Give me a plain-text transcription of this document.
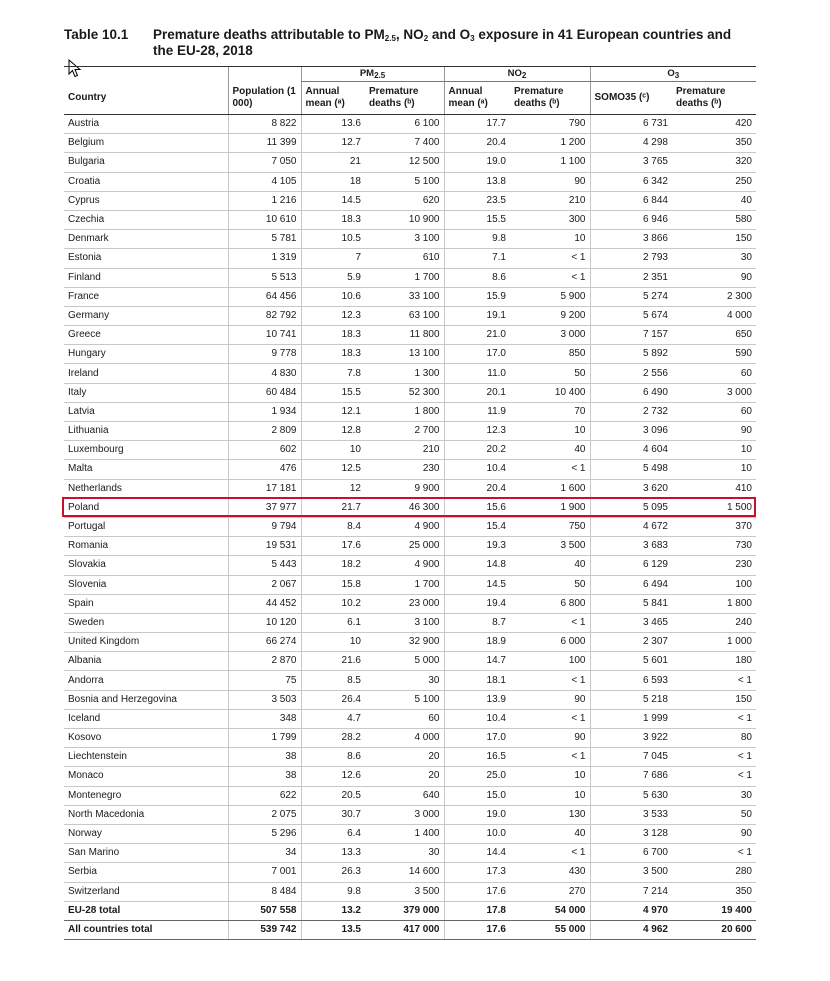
Table 10.1 Premature deaths attributable to $PM_{2.5}$, $NO_2$ and $O_3$ exposure in 41 European countries and the EU-28, 2018

		$PM_{2.5}$		$NO_2$		$O_3$
Country	Population (1 000)	Annual mean (ᵃ)	Premature deaths (ᵇ)	Annual mean (ᵃ)	Premature deaths (ᵇ)	SOMO35 (ᶜ)	Premature deaths (ᵇ)
Austria	8 822	13.6	6 100	17.7	790	6 731	420
Belgium	11 399	12.7	7 400	20.4	1 200	4 298	350
Bulgaria	7 050	21	12 500	19.0	1 100	3 765	320
Croatia	4 105	18	5 100	13.8	90	6 342	250
Cyprus	1 216	14.5	620	23.5	210	6 844	40
Czechia	10 610	18.3	10 900	15.5	300	6 946	580
Denmark	5 781	10.5	3 100	9.8	10	3 866	150
Estonia	1 319	7	610	7.1	< 1	2 793	30
Finland	5 513	5.9	1 700	8.6	< 1	2 351	90
France	64 456	10.6	33 100	15.9	5 900	5 274	2 300
Germany	82 792	12.3	63 100	19.1	9 200	5 674	4 000
Greece	10 741	18.3	11 800	21.0	3 000	7 157	650
Hungary	9 778	18.3	13 100	17.0	850	5 892	590
Ireland	4 830	7.8	1 300	11.0	50	2 556	60
Italy	60 484	15.5	52 300	20.1	10 400	6 490	3 000
Latvia	1 934	12.1	1 800	11.9	70	2 732	60
Lithuania	2 809	12.8	2 700	12.3	10	3 096	90
Luxembourg	602	10	210	20.2	40	4 604	10
Malta	476	12.5	230	10.4	< 1	5 498	10
Netherlands	17 181	12	9 900	20.4	1 600	3 620	410
Poland	37 977	21.7	46 300	15.6	1 900	5 095	1 500
Portugal	9 794	8.4	4 900	15.4	750	4 672	370
Romania	19 531	17.6	25 000	19.3	3 500	3 683	730
Slovakia	5 443	18.2	4 900	14.8	40	6 129	230
Slovenia	2 067	15.8	1 700	14.5	50	6 494	100
Spain	44 452	10.2	23 000	19.4	6 800	5 841	1 800
Sweden	10 120	6.1	3 100	8.7	< 1	3 465	240
United Kingdom	66 274	10	32 900	18.9	6 000	2 307	1 000
Albania	2 870	21.6	5 000	14.7	100	5 601	180
Andorra	75	8.5	30	18.1	< 1	6 593	< 1
Bosnia and Herzegovina	3 503	26.4	5 100	13.9	90	5 218	150
Iceland	348	4.7	60	10.4	< 1	1 999	< 1
Kosovo	1 799	28.2	4 000	17.0	90	3 922	80
Liechtenstein	38	8.6	20	16.5	< 1	7 045	< 1
Monaco	38	12.6	20	25.0	10	7 686	< 1
Montenegro	622	20.5	640	15.0	10	5 630	30
North Macedonia	2 075	30.7	3 000	19.0	130	3 533	50
Norway	5 296	6.4	1 400	10.0	40	3 128	90
San Marino	34	13.3	30	14.4	< 1	6 700	< 1
Serbia	7 001	26.3	14 600	17.3	430	3 500	280
Switzerland	8 484	9.8	3 500	17.6	270	7 214	350
EU-28 total	507 558	13.2	379 000	17.8	54 000	4 970	19 400
All countries total	539 742	13.5	417 000	17.6	55 000	4 962	20 600
